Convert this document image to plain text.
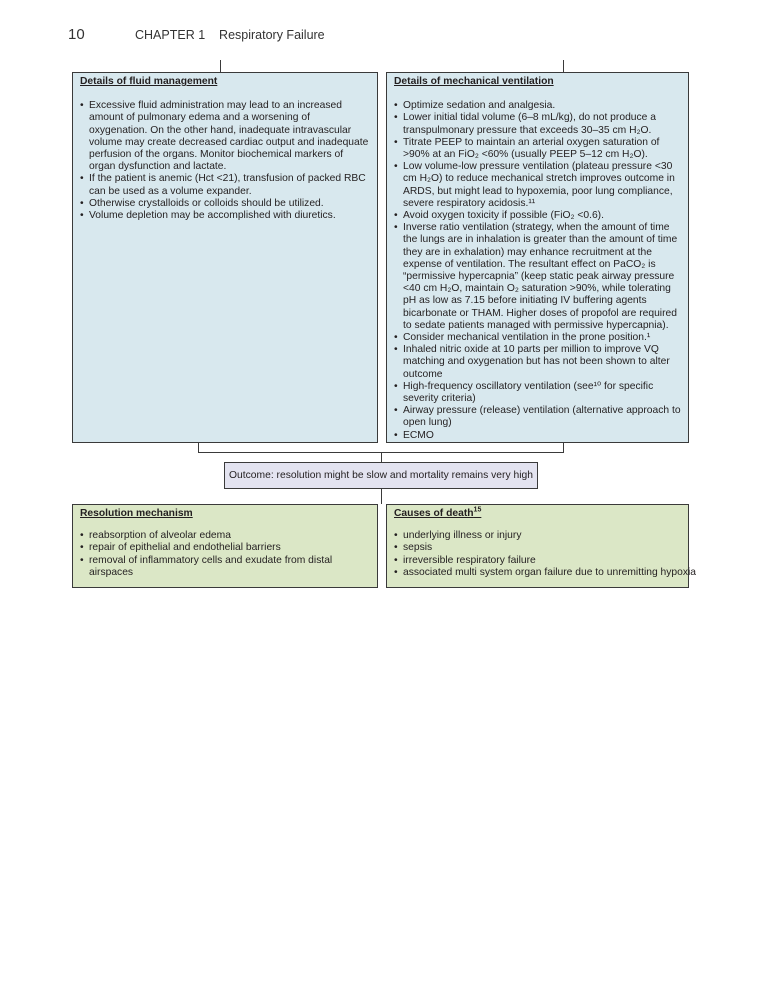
10	CHAPTER 1    Respiratory Failure
Details of fluid management
• Excessive fluid administration may lead to an increased amount of pulmonary edema and a worsening of oxygenation. On the other hand, inadequate intravascular volume may create decreased cardiac output and inadequate perfusion of the organs. Monitor biochemical markers of organ dysfunction and lactate.
• If the patient is anemic (Hct <21), transfusion of packed RBC can be used as a volume expander.
• Otherwise crystalloids or colloids should be utilized.
• Volume depletion may be accomplished with diuretics.
Details of mechanical ventilation
• Optimize sedation and analgesia.
• Lower initial tidal volume (6–8 mL/kg), do not produce a transpulmonary pressure that exceeds 30–35 cm H₂O.
• Titrate PEEP to maintain an arterial oxygen saturation of >90% at an FiO₂ <60% (usually PEEP 5–12 cm H₂O).
• Low volume-low pressure ventilation (plateau pressure <30 cm H₂O) to reduce mechanical stretch improves outcome in ARDS, but might lead to hypoxemia, poor lung compliance, severe respiratory acidosis.¹¹
• Avoid oxygen toxicity if possible (FiO₂ <0.6).
• Inverse ratio ventilation (strategy, when the amount of time the lungs are in inhalation is greater than the amount of time they are in exhalation) may enhance recruitment at the expense of ventilation. The resultant effect on PaCO₂ is “permissive hypercapnia” (keep static peak airway pressure <40 cm H₂O, maintain O₂ saturation >90%, while tolerating pH as low as 7.15 before initiating IV buffering agents bicarbonate or THAM. Higher doses of propofol are required to sedate patients managed with permissive hypercapnia).
• Consider mechanical ventilation in the prone position.¹
• Inhaled nitric oxide at 10 parts per million to improve VQ matching and oxygenation but has not been shown to alter outcome
• High-frequency oscillatory ventilation (see¹⁰ for specific severity criteria)
• Airway pressure (release) ventilation (alternative approach to open lung)
• ECMO
Outcome: resolution might be slow and mortality remains very high
Resolution mechanism
• reabsorption of alveolar edema
• repair of epithelial and endothelial barriers
• removal of inflammatory cells and exudate from distal airspaces
Causes of death$^{15}$
• underlying illness or injury
• sepsis
• irreversible respiratory failure
• associated multi system organ failure due to unremitting hypoxia
